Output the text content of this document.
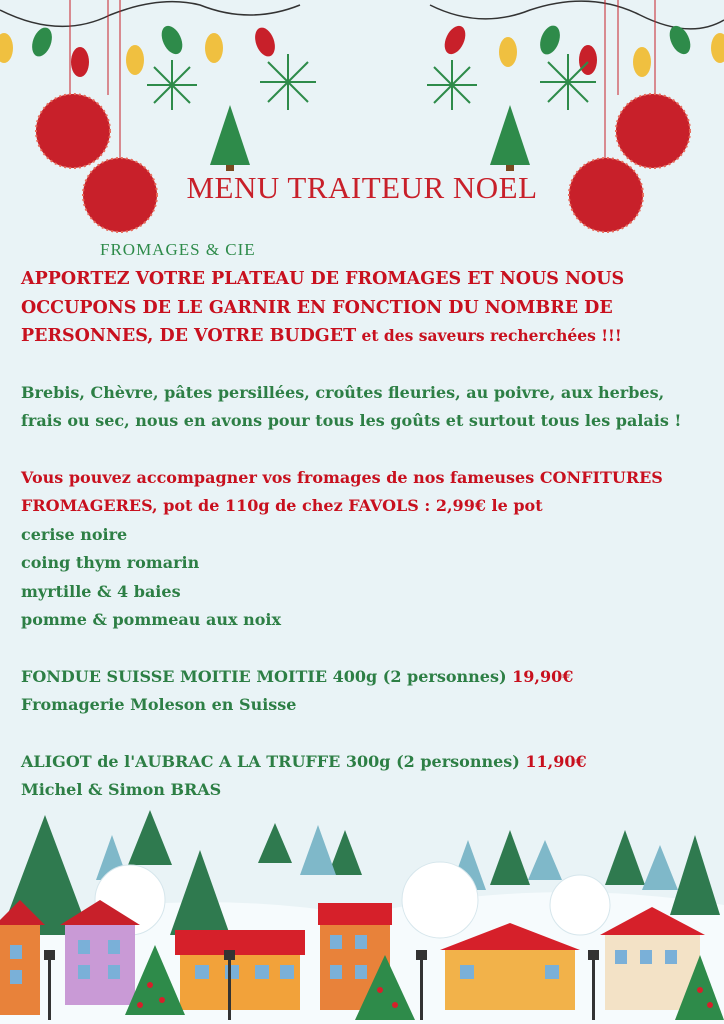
MENU TRAITEUR NOEL
FROMAGES & CIE

APPORTEZ VOTRE PLATEAU DE FROMAGES ET NOUS NOUS OCCUPONS DE LE GARNIR EN FONCTION DU NOMBRE DE PERSONNES, DE VOTRE BUDGET et des saveurs recherchées !!!

Brebis, Chèvre, pâtes persillées, croûtes fleuries, au poivre, aux herbes,

frais ou sec, nous en avons pour tous les goûts et surtout tous les palais !

Vous pouvez accompagner vos fromages de nos fameuses CONFITURES FROMAGERES, pot de 110g de chez FAVOLS : 2,99€ le pot

cerise noire

coing thym romarin

myrtille & 4 baies

pomme & pommeau aux noix

FONDUE SUISSE MOITIE MOITIE 400g (2 personnes) 19,90€

Fromagerie Moleson en Suisse

ALIGOT de l'AUBRAC A LA TRUFFE 300g (2 personnes) 11,90€

Michel & Simon BRAS
